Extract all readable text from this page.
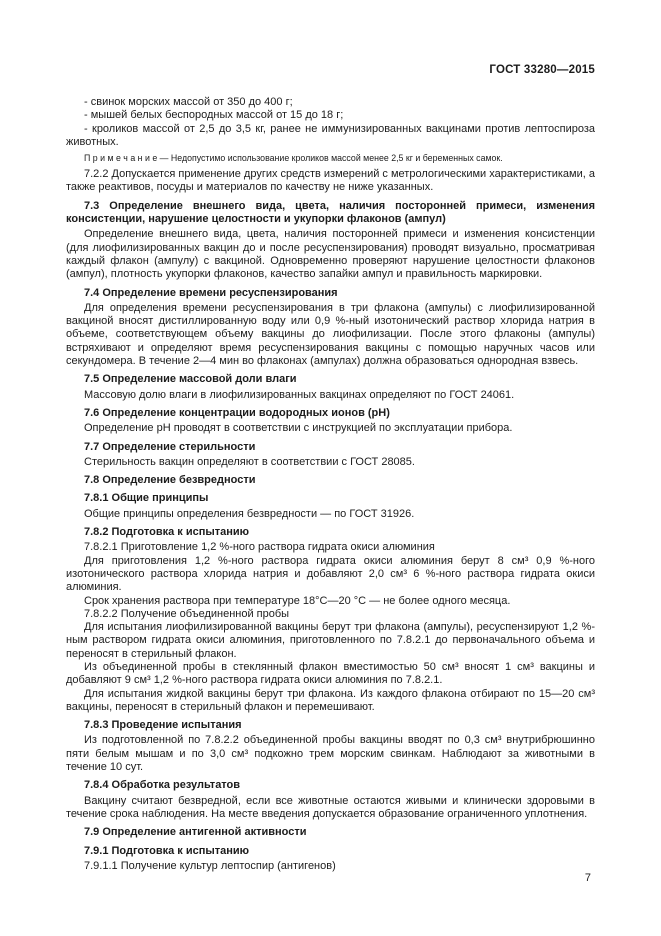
ГОСТ 33280—2015
- свинок морских массой от 350 до 400 г;
- мышей белых беспородных массой от 15 до 18 г;
- кроликов массой от 2,5 до 3,5 кг, ранее не иммунизированных вакцинами против лептоспироза животных.
П р и м е ч а н и е — Недопустимо использование кроликов массой менее 2,5 кг и беременных самок.
7.2.2 Допускается применение других средств измерений с метрологическими характеристиками, а также реактивов, посуды и материалов по качеству не ниже указанных.
7.3 Определение внешнего вида, цвета, наличия посторонней примеси, изменения консистенции, нарушение целостности и укупорки флаконов (ампул)
Определение внешнего вида, цвета, наличия посторонней примеси и изменения консистенции (для лиофилизированных вакцин до и после ресуспензирования) проводят визуально, просматривая каждый флакон (ампулу) с вакциной. Одновременно проверяют нарушение целостности флаконов (ампул), плотность укупорки флаконов, качество запайки ампул и правильность маркировки.
7.4 Определение времени ресуспензирования
Для определения времени ресуспензирования в три флакона (ампулы) с лиофилизированной вакциной вносят дистиллированную воду или 0,9 %-ный изотонический раствор хлорида натрия в объеме, соответствующем объему вакцины до лиофилизации. После этого флаконы (ампулы) встряхивают и определяют время ресуспензирования вакцины с помощью наручных часов или секундомера. В течение 2—4 мин во флаконах (ампулах) должна образоваться однородная взвесь.
7.5 Определение массовой доли влаги
Массовую долю влаги в лиофилизированных вакцинах определяют по ГОСТ 24061.
7.6 Определение концентрации водородных ионов (pH)
Определение pH проводят в соответствии с инструкцией по эксплуатации прибора.
7.7 Определение стерильности
Стерильность вакцин определяют в соответствии с ГОСТ 28085.
7.8 Определение безвредности
7.8.1 Общие принципы
Общие принципы определения безвредности — по ГОСТ 31926.
7.8.2 Подготовка к испытанию
7.8.2.1 Приготовление 1,2 %-ного раствора гидрата окиси алюминия
Для приготовления 1,2 %-ного раствора гидрата окиси алюминия берут 8 см³ 0,9 %-ного изотонического раствора хлорида натрия и добавляют 2,0 см³ 6 %-ного раствора гидрата окиси алюминия.
Срок хранения раствора при температуре 18°С—20 °С — не более одного месяца.
7.8.2.2 Получение объединенной пробы
Для испытания лиофилизированной вакцины берут три флакона (ампулы), ресуспензируют 1,2 %-ным раствором гидрата окиси алюминия, приготовленного по 7.8.2.1 до первоначального объема и переносят в стерильный флакон.
Из объединенной пробы в стеклянный флакон вместимостью 50 см³ вносят 1 см³ вакцины и добавляют 9 см³ 1,2 %-ного раствора гидрата окиси алюминия по 7.8.2.1.
Для испытания жидкой вакцины берут три флакона. Из каждого флакона отбирают по 15—20 см³ вакцины, переносят в стерильный флакон и перемешивают.
7.8.3 Проведение испытания
Из подготовленной по 7.8.2.2 объединенной пробы вакцины вводят по 0,3 см³ внутрибрюшинно пяти белым мышам и по 3,0 см³ подкожно трем морским свинкам. Наблюдают за животными в течение 10 сут.
7.8.4 Обработка результатов
Вакцину считают безвредной, если все животные остаются живыми и клинически здоровыми в течение срока наблюдения. На месте введения допускается образование ограниченного уплотнения.
7.9 Определение антигенной активности
7.9.1 Подготовка к испытанию
7.9.1.1 Получение культур лептоспир (антигенов)
7
